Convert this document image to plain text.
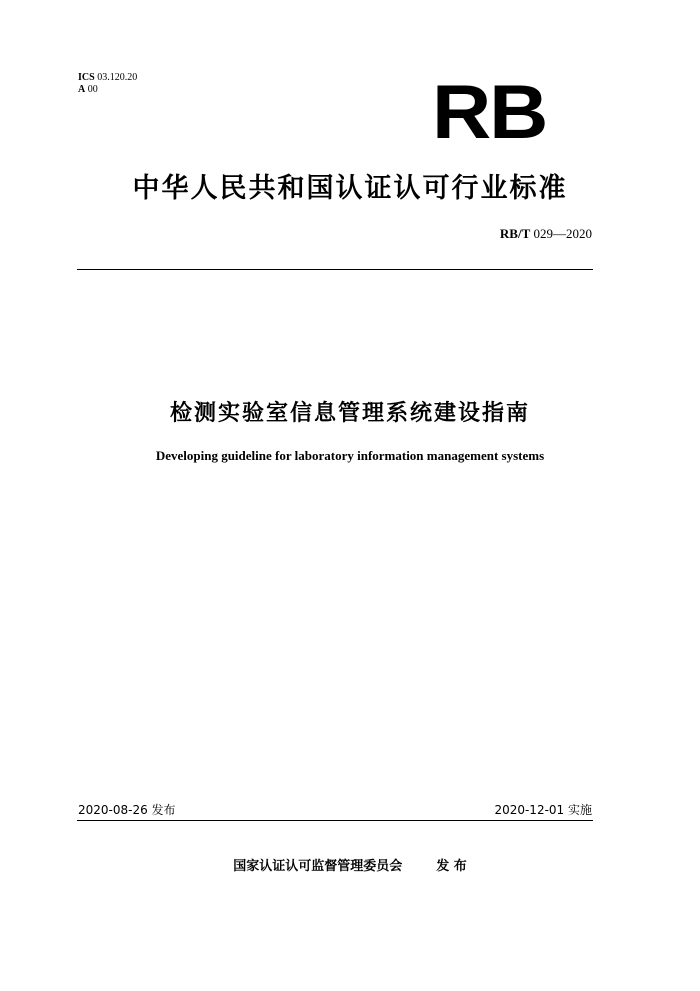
ICS 03.120.20
A 00	RB
中华人民共和国认证认可行业标准
RB/T 029—2020
检测实验室信息管理系统建设指南
Developing guideline for laboratory information management systems
2020-08-26 发布	2020-12-01 实施
国家认证认可监督管理委员会	发 布
